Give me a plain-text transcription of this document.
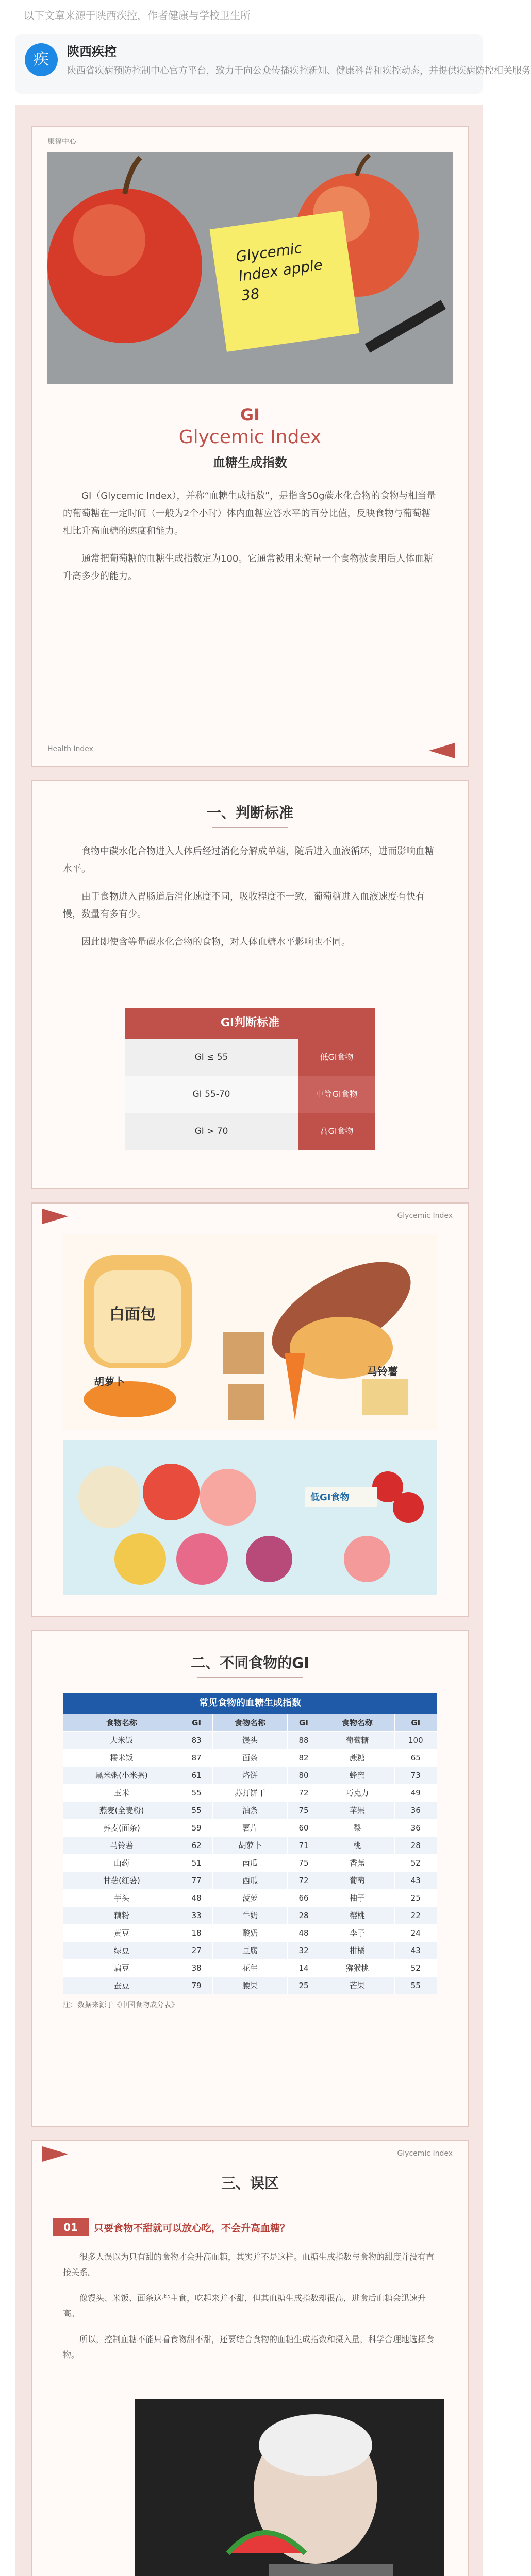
以下文章来源于陕西疾控，作者健康与学校卫生所
疾	陕西疾控
陕西省疾病预防控制中心官方平台，致力于向公众传播疾控新知、健康科普和疾控动态，并提供疾病防控相关服务
康福中心
Glycemic Index apple 38
GI
Glycemic Index
血糖生成指数

GI（Glycemic Index），并称“血糖生成指数”，是指含50g碳水化合物的食物与相当量的葡萄糖在一定时间（一般为2个小时）体内血糖应答水平的百分比值，反映食物与葡萄糖相比升高血糖的速度和能力。

通常把葡萄糖的血糖生成指数定为100。它通常被用来衡量一个食物被食用后人体血糖升高多少的能力。

Health Index
一、判断标准

食物中碳水化合物进入人体后经过消化分解成单糖，随后进入血液循环，进而影响血糖水平。

由于食物进入胃肠道后消化速度不同，吸收程度不一致，葡萄糖进入血液速度有快有慢，数量有多有少。

因此即使含等量碳水化合物的食物，对人体血糖水平影响也不同。

GI判断标准
GI ≤ 55	低GI食物
GI 55-70	中等GI食物
GI > 70	高GI食物
Glycemic Index
白面包
胡萝卜
马铃薯
低GI食物
二、不同食物的GI
常见食物的血糖生成指数
食物名称	GI	食物名称	GI	食物名称	GI
大米饭	83	馒头	88	葡萄糖	100
糯米饭	87	面条	82	蔗糖	65
黑米粥(小米粥)	61	烙饼	80	蜂蜜	73
玉米	55	苏打饼干	72	巧克力	49
燕麦(全麦粉)	55	油条	75	苹果	36
荞麦(面条)	59	薯片	60	梨	36
马铃薯	62	胡萝卜	71	桃	28
山药	51	南瓜	75	香蕉	52
甘薯(红薯)	77	西瓜	72	葡萄	43
芋头	48	菠萝	66	柚子	25
藕粉	33	牛奶	28	樱桃	22
黄豆	18	酸奶	48	李子	24
绿豆	27	豆腐	32	柑橘	43
扁豆	38	花生	14	猕猴桃	52
蚕豆	79	腰果	25	芒果	55
注：数据来源于《中国食物成分表》
Glycemic Index
三、误区
01	只要食物不甜就可以放心吃，不会升高血糖？

很多人误以为只有甜的食物才会升高血糖，其实并不是这样。血糖生成指数与食物的甜度并没有直接关系。

像馒头、米饭、面条这些主食，吃起来并不甜，但其血糖生成指数却很高，进食后血糖会迅速升高。

所以，控制血糖不能只看食物甜不甜，还要结合食物的血糖生成指数和摄入量，科学合理地选择食物。
